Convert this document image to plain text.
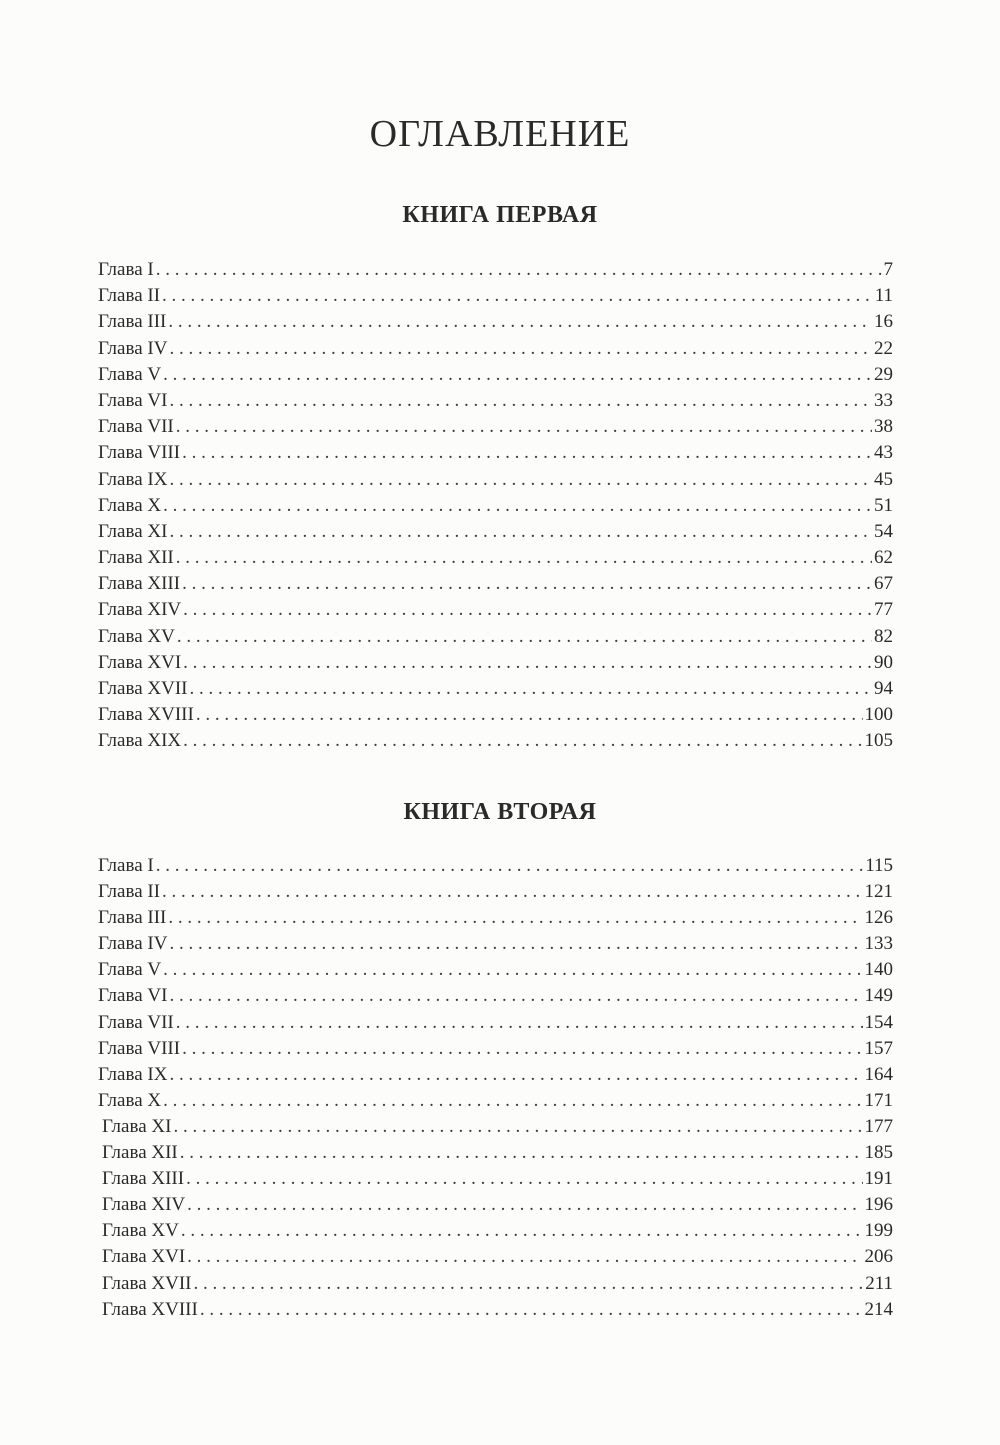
ОГЛАВЛЕНИЕ
КНИГА ПЕРВАЯ
Глава I . . .	7
Глава II . . .	11
Глава III . . .	16
Глава IV . . .	22
Глава V . . .	29
Глава VI . . .	33
Глава VII . . .	38
Глава VIII . . .	43
Глава IX . . .	45
Глава X . . .	51
Глава XI . . .	54
Глава XII . . .	62
Глава XIII . . .	67
Глава XIV . . .	77
Глава XV . . .	82
Глава XVI . . .	90
Глава XVII . . .	94
Глава XVIII . . .	100
Глава XIX . . .	105
КНИГА ВТОРАЯ
Глава I . . .	115
Глава II . . .	121
Глава III . . .	126
Глава IV . . .	133
Глава V . . .	140
Глава VI . . .	149
Глава VII . . .	154
Глава VIII . . .	157
Глава IX . . .	164
Глава X . . .	171
Глава XI . . .	177
Глава XII . . .	185
Глава XIII . . .	191
Глава XIV . . .	196
Глава XV . . .	199
Глава XVI . . .	206
Глава XVII . . .	211
Глава XVIII . . .	214
